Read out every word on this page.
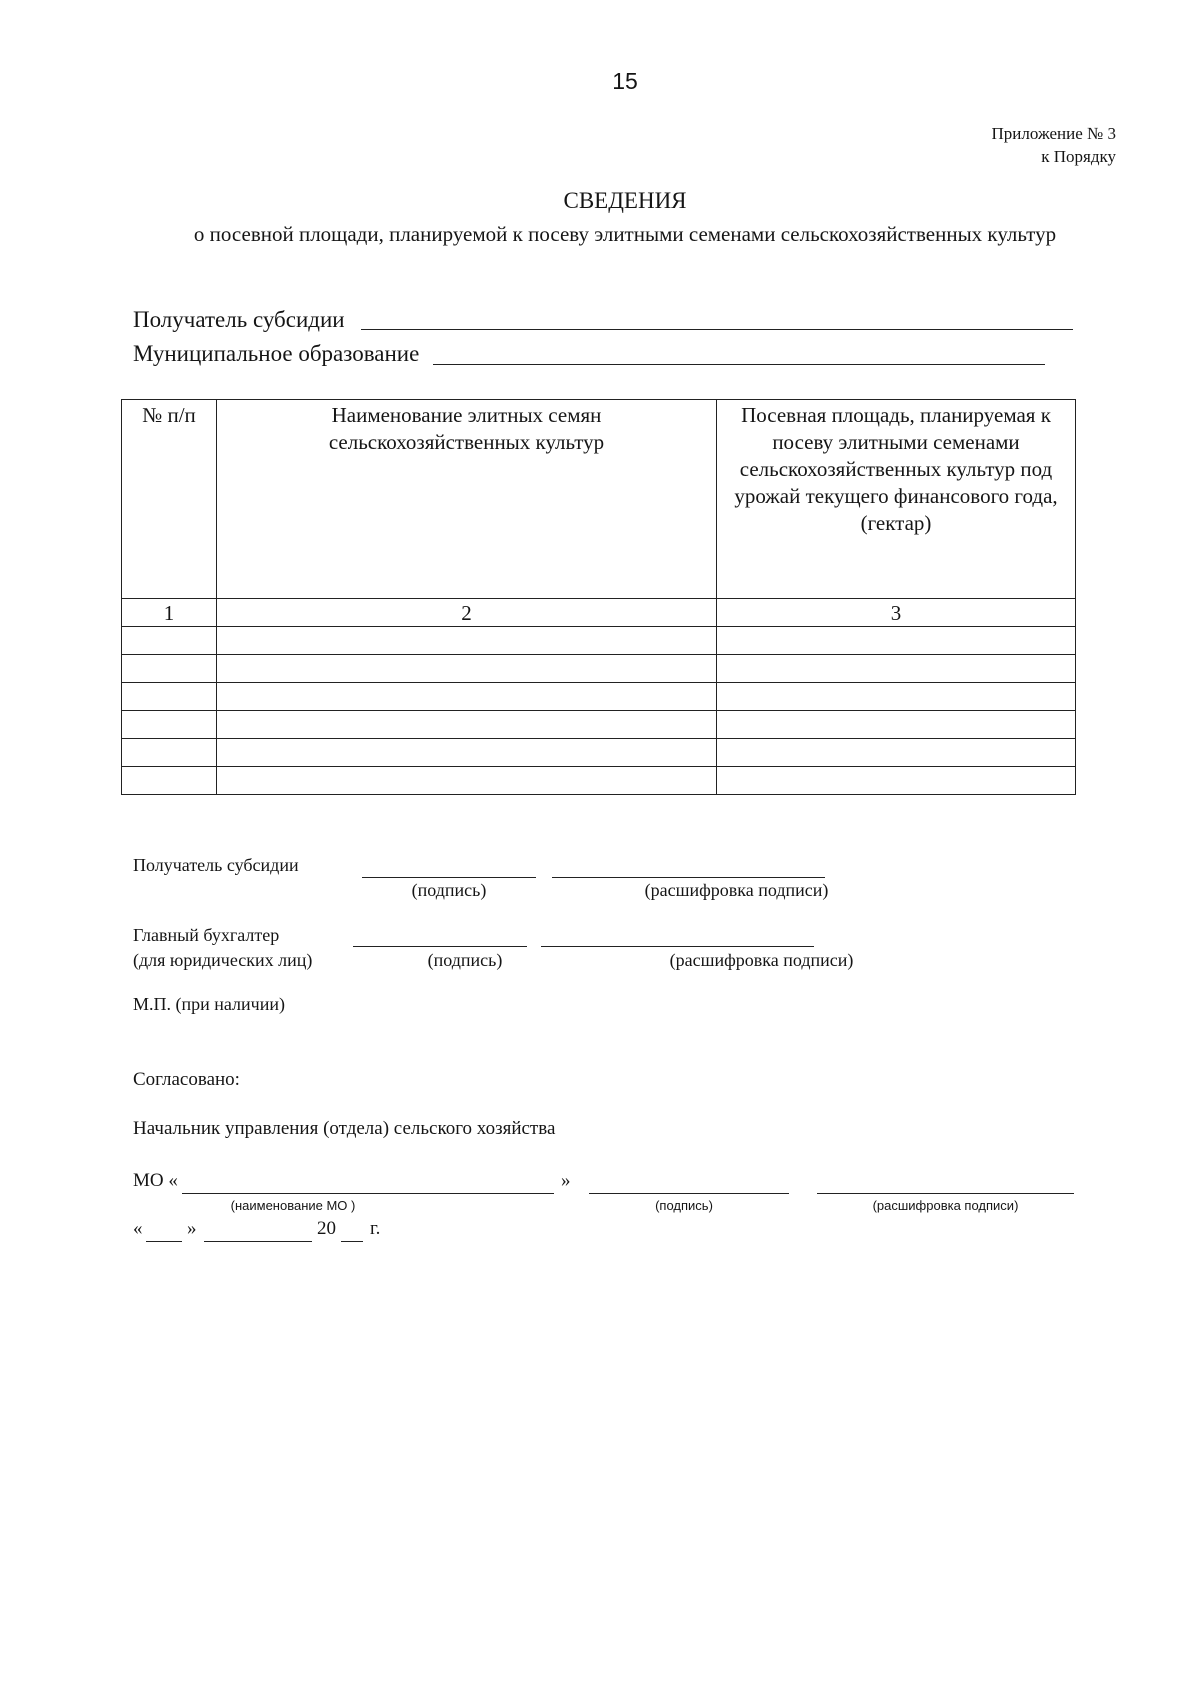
15
Приложение № 3
к Порядку
СВЕДЕНИЯ
о посевной площади, планируемой к посеву элитными семенами сельскохозяйственных культур
Получатель субсидии
Муниципальное образование
№ п/п	Наименование элитных семян сельскохозяйственных культур	Посевная площадь, планируемая к посеву элитными семенами сельскохозяйственных культур под урожай текущего финансового года, (гектар)
1	2	3

Получатель субсидии
(подпись)	(расшифровка подписи)
Главный бухгалтер
(для юридических лиц)	(подпись)	(расшифровка подписи)
М.П. (при наличии)
Согласовано:
Начальник управления (отдела) сельского хозяйства
МО «	»
(наименование МО )	(подпись)	(расшифровка подписи)
« »	20 г.
